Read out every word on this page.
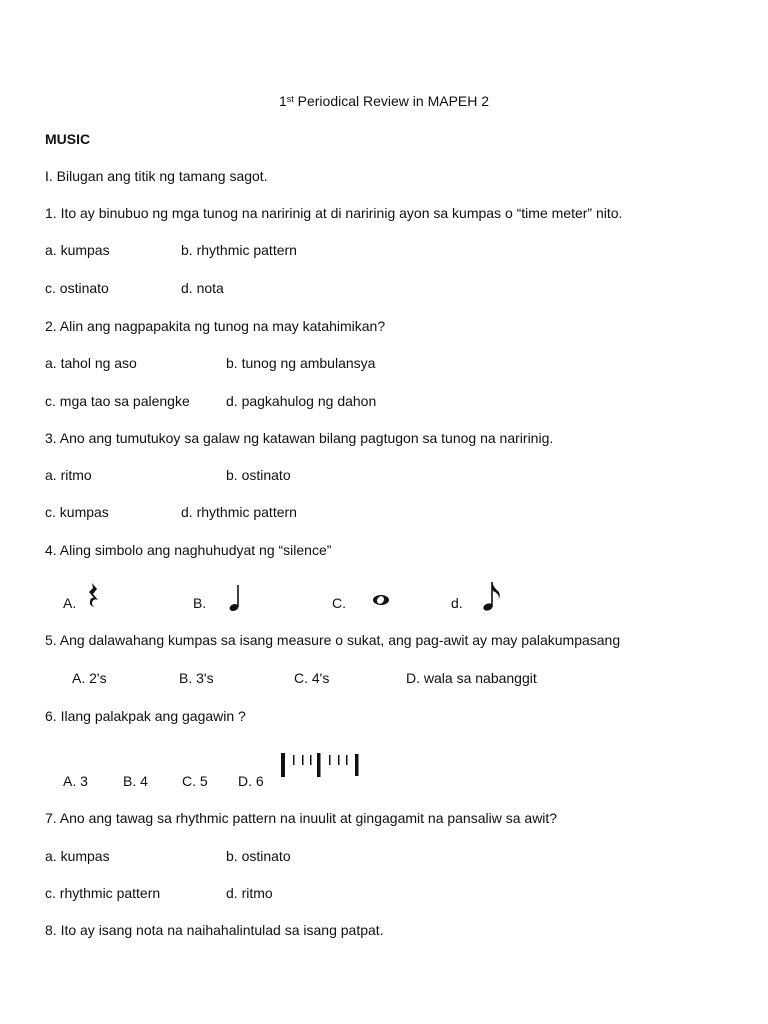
1st Periodical Review in MAPEH 2
MUSIC
I. Bilugan ang titik ng tamang sagot.
1. Ito ay binubuo ng mga tunog na naririnig at di naririnig ayon sa kumpas o “time meter” nito.
a. kumpas	b. rhythmic pattern
c. ostinato	d. nota
2. Alin ang nagpapakita ng tunog na may katahimikan?
a. tahol ng aso	b. tunog ng ambulansya
c. mga tao sa palengke	d. pagkahulog ng dahon
3. Ano ang tumutukoy sa galaw ng katawan bilang pagtugon sa tunog na naririnig.
a. ritmo	b. ostinato
c. kumpas	d. rhythmic pattern
4. Aling simbolo ang naghuhudyat ng “silence”
A.	B.	C.	d.
5. Ang dalawahang kumpas sa isang measure o sukat, ang pag-awit ay may palakumpasang
A. 2's	B. 3's	C. 4's	D. wala sa nabanggit
6. Ilang palakpak ang gagawin ?
A. 3	B. 4 C. 5 D. 6
7. Ano ang tawag sa rhythmic pattern na inuulit at gingagamit na pansaliw sa awit?
a. kumpas	b. ostinato
c. rhythmic pattern	d. ritmo
8. Ito ay isang nota na naihahalintulad sa isang patpat.
